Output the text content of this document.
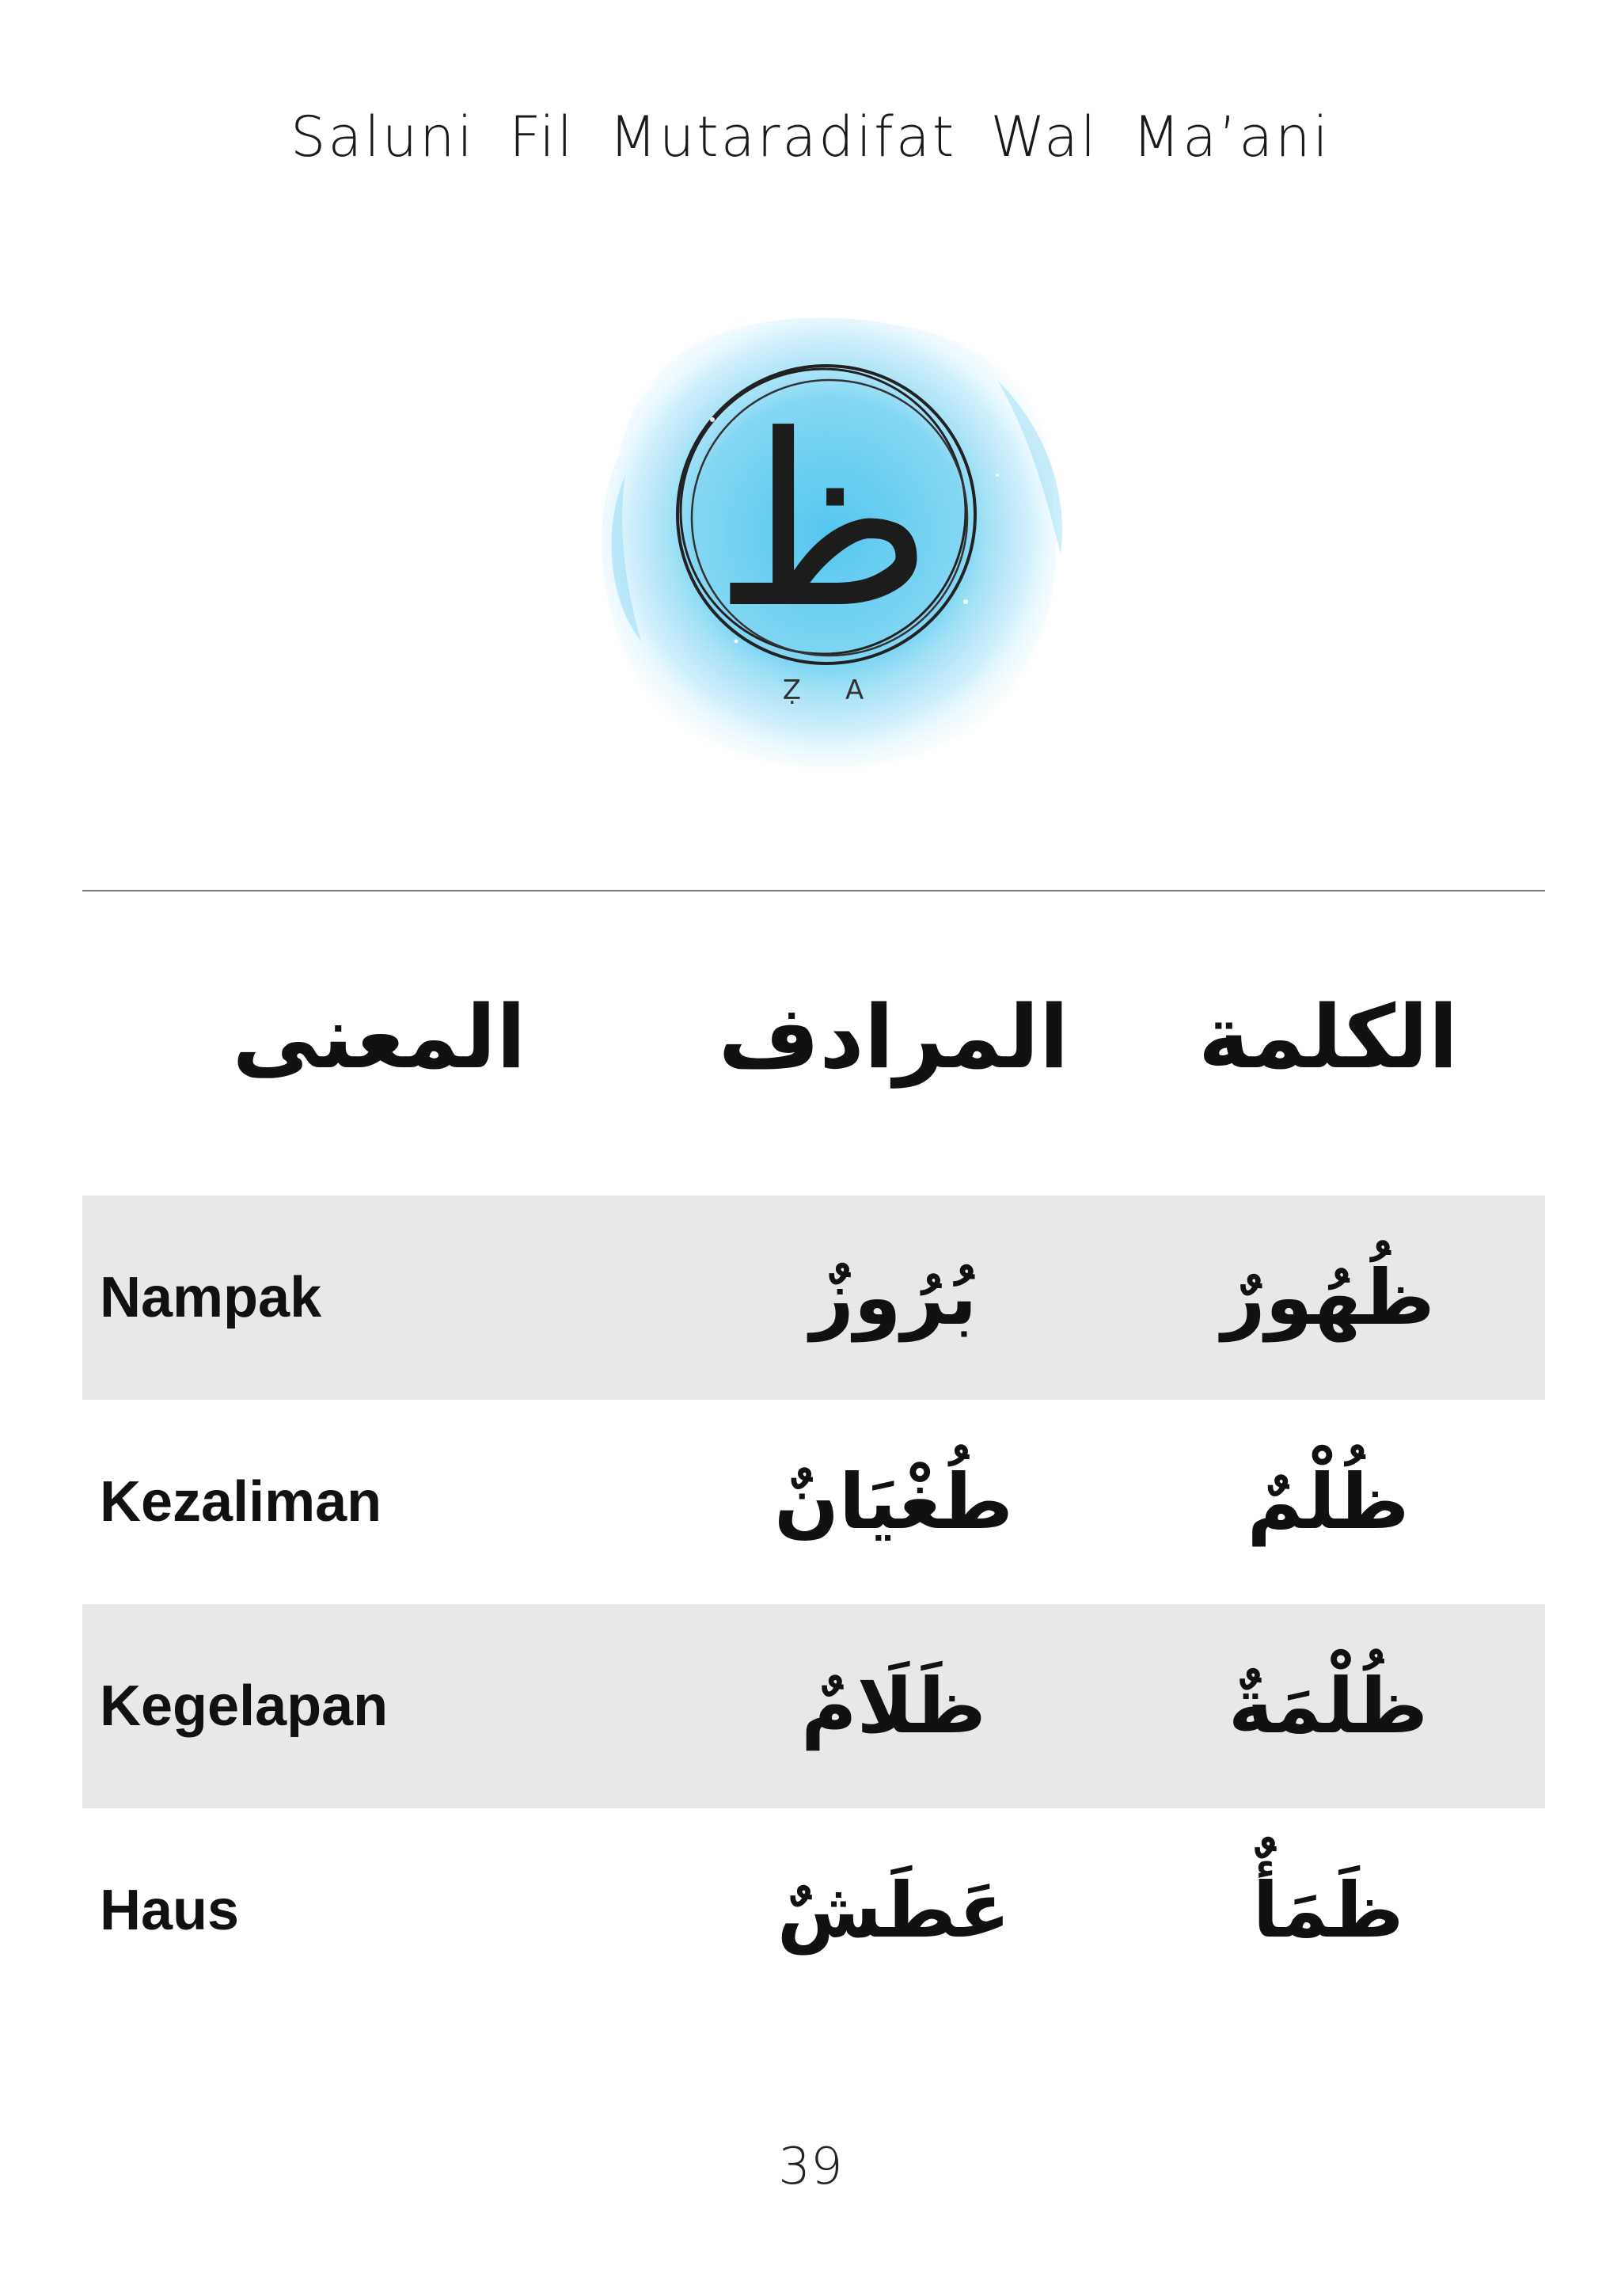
Saluni Fil Mutaradifat Wal Ma’ani
ظ
ẒA
الكلمة
المرادف
المعنى
Nampak	بُرُوزٌ	ظُهُورٌ
Kezaliman	طُغْيَانٌ	ظُلْمٌ
Kegelapan	ظَلَامٌ	ظُلْمَةٌ
Haus	عَطَشٌ	ظَمَأٌ
39
